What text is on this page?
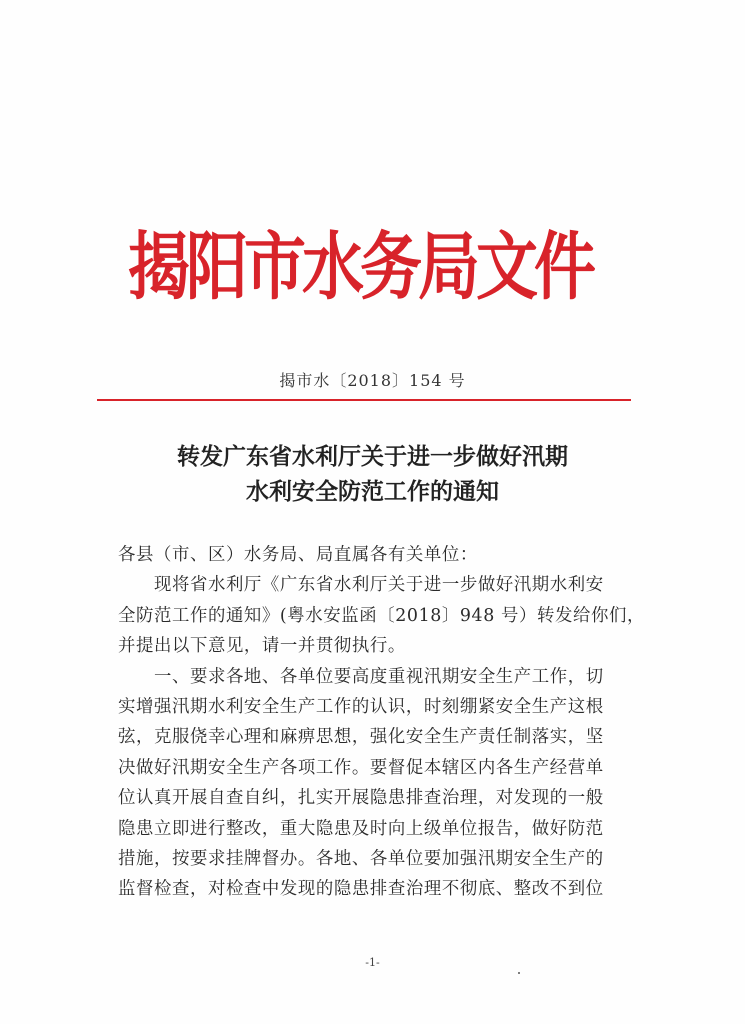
揭阳市水务局文件
揭市水〔2018〕154 号
转发广东省水利厅关于进一步做好汛期
水利安全防范工作的通知
各县（市、区）水务局、局直属各有关单位：
　　现将省水利厅《广东省水利厅关于进一步做好汛期水利安
全防范工作的通知》(粤水安监函〔2018〕948 号）转发给你们，
并提出以下意见，请一并贯彻执行。
　　一、要求各地、各单位要高度重视汛期安全生产工作，切
实增强汛期水利安全生产工作的认识，时刻绷紧安全生产这根
弦，克服侥幸心理和麻痹思想，强化安全生产责任制落实，坚
决做好汛期安全生产各项工作。要督促本辖区内各生产经营单
位认真开展自查自纠，扎实开展隐患排查治理，对发现的一般
隐患立即进行整改，重大隐患及时向上级单位报告，做好防范
措施，按要求挂牌督办。各地、各单位要加强汛期安全生产的
监督检查，对检查中发现的隐患排查治理不彻底、整改不到位
-1-
